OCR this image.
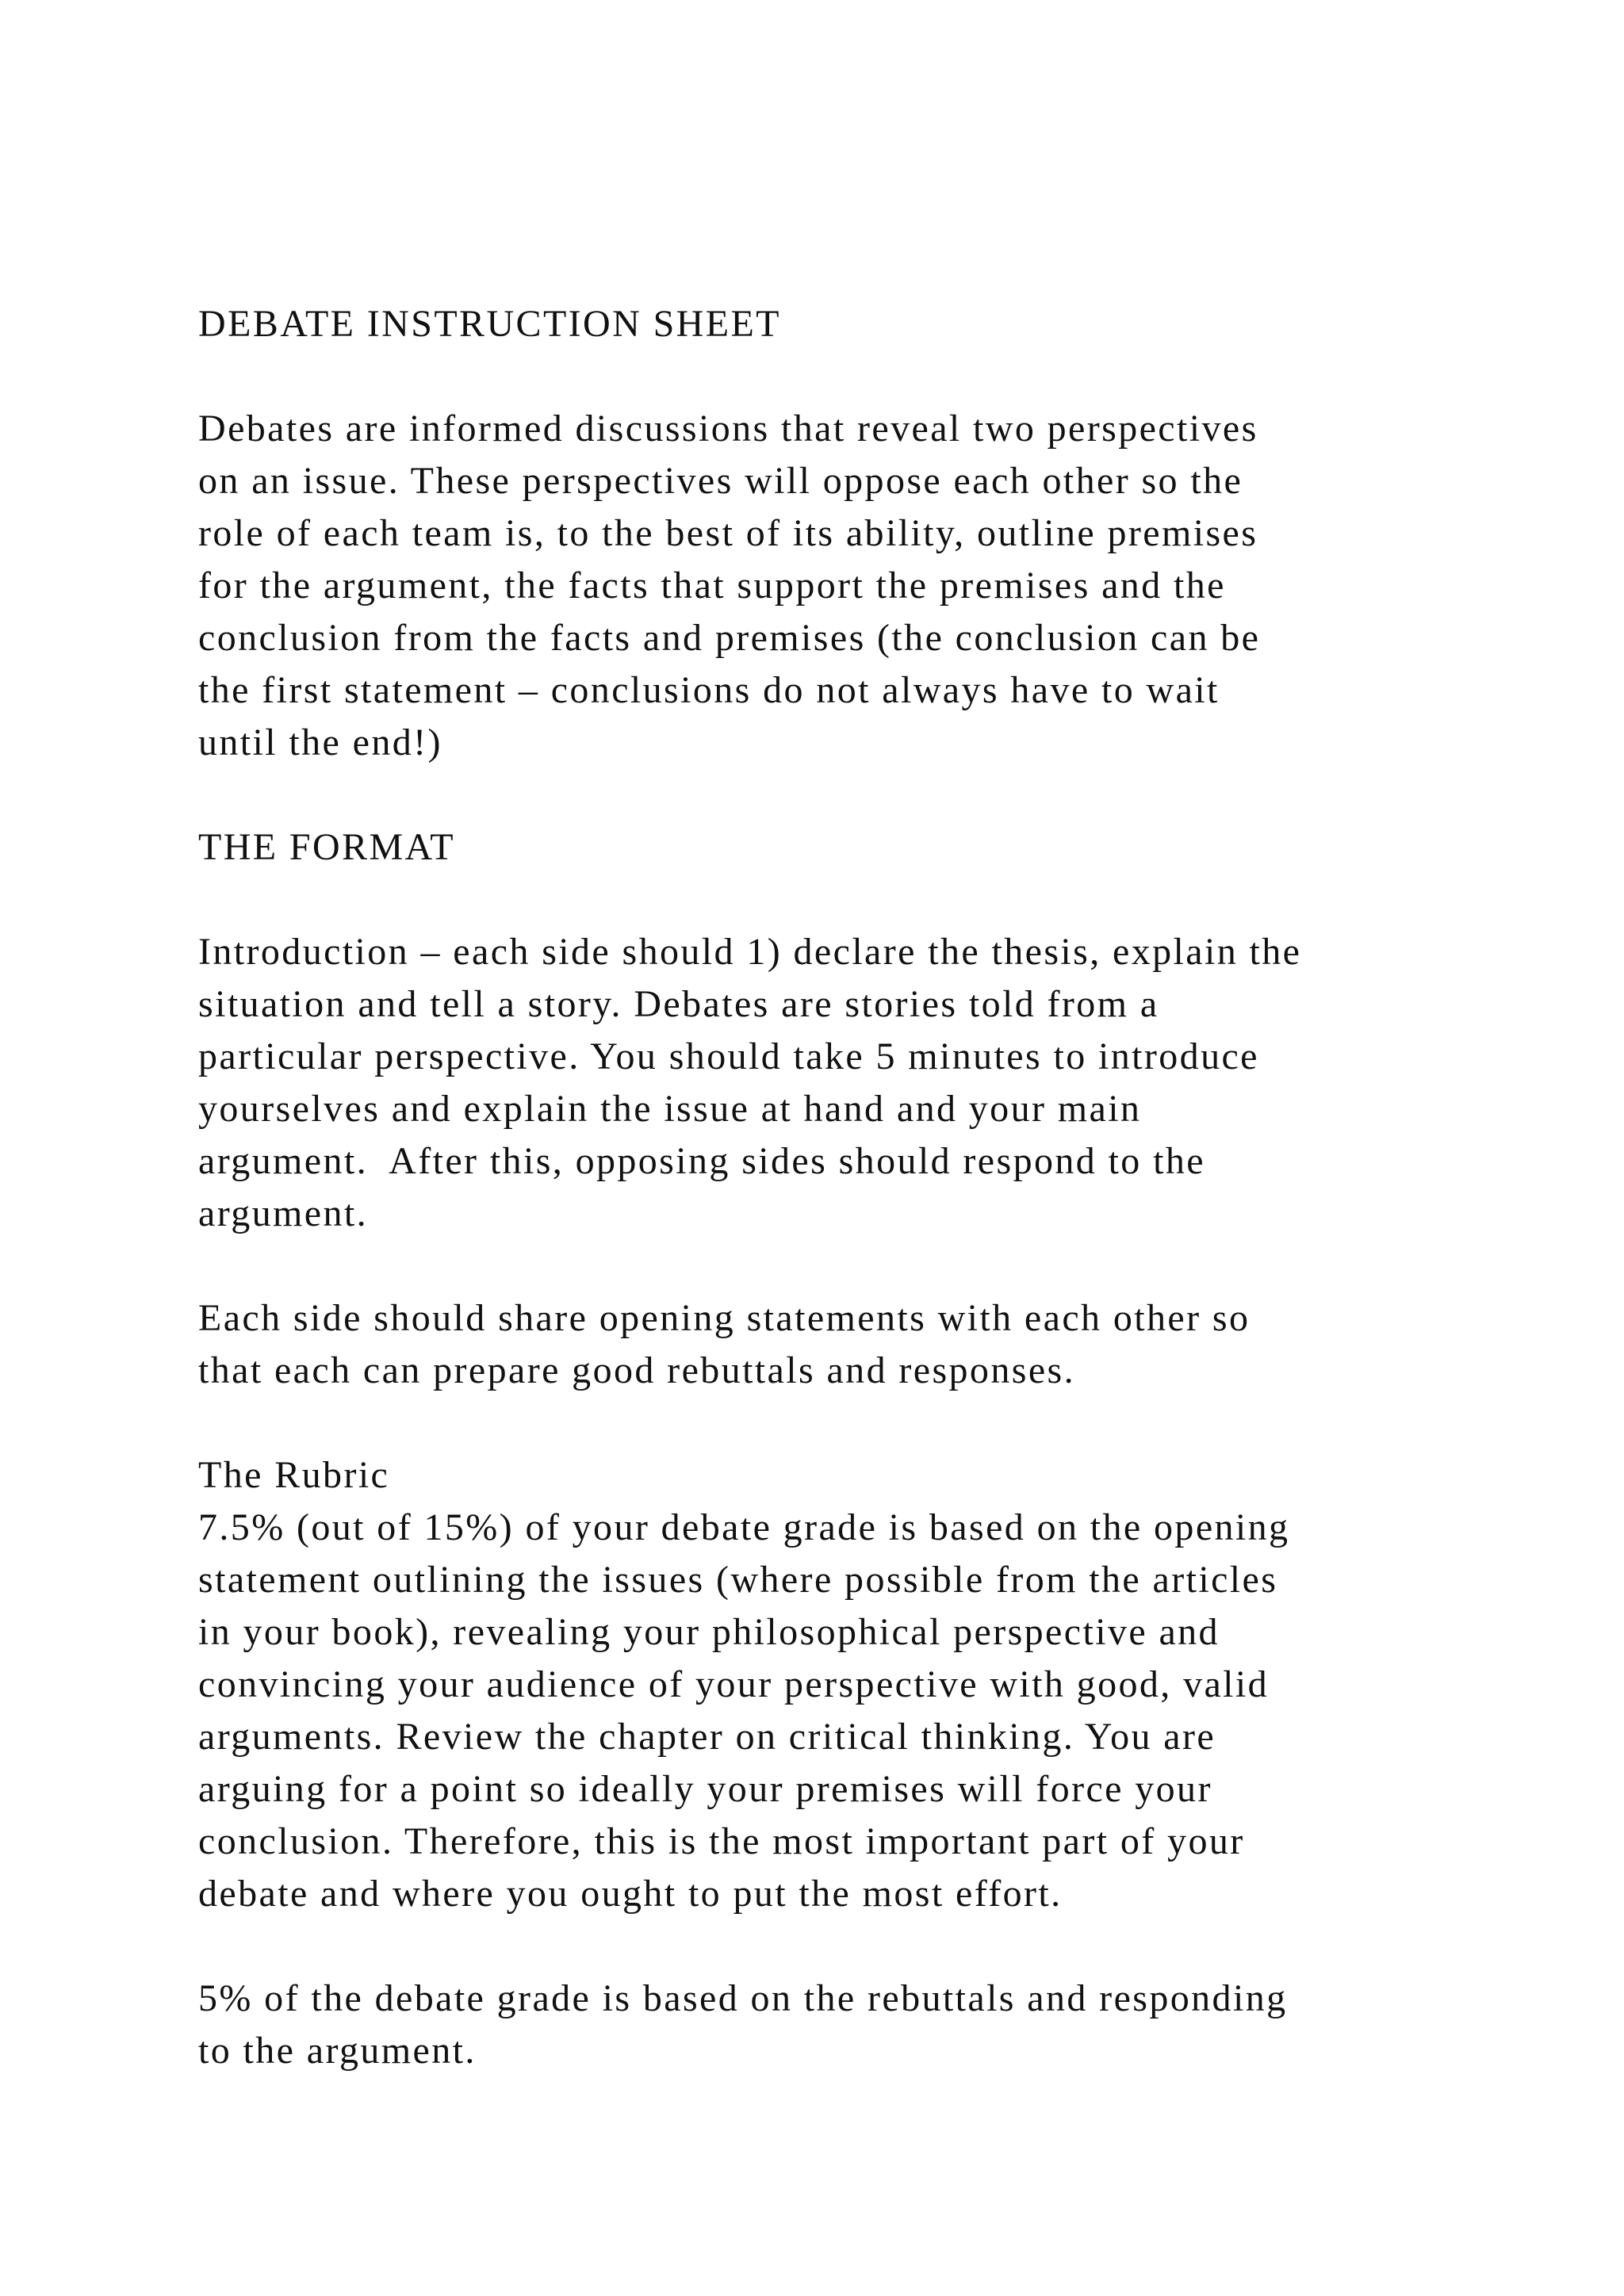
DEBATE INSTRUCTION SHEET
Debates are informed discussions that reveal two perspectives
on an issue. These perspectives will oppose each other so the
role of each team is, to the best of its ability, outline premises
for the argument, the facts that support the premises and the
conclusion from the facts and premises (the conclusion can be
the first statement – conclusions do not always have to wait
until the end!)
THE FORMAT
Introduction – each side should 1) declare the thesis, explain the
situation and tell a story. Debates are stories told from a
particular perspective. You should take 5 minutes to introduce
yourselves and explain the issue at hand and your main
argument.  After this, opposing sides should respond to the
argument.
Each side should share opening statements with each other so
that each can prepare good rebuttals and responses.
The Rubric
7.5% (out of 15%) of your debate grade is based on the opening
statement outlining the issues (where possible from the articles
in your book), revealing your philosophical perspective and
convincing your audience of your perspective with good, valid
arguments. Review the chapter on critical thinking. You are
arguing for a point so ideally your premises will force your
conclusion. Therefore, this is the most important part of your
debate and where you ought to put the most effort.
5% of the debate grade is based on the rebuttals and responding
to the argument.
